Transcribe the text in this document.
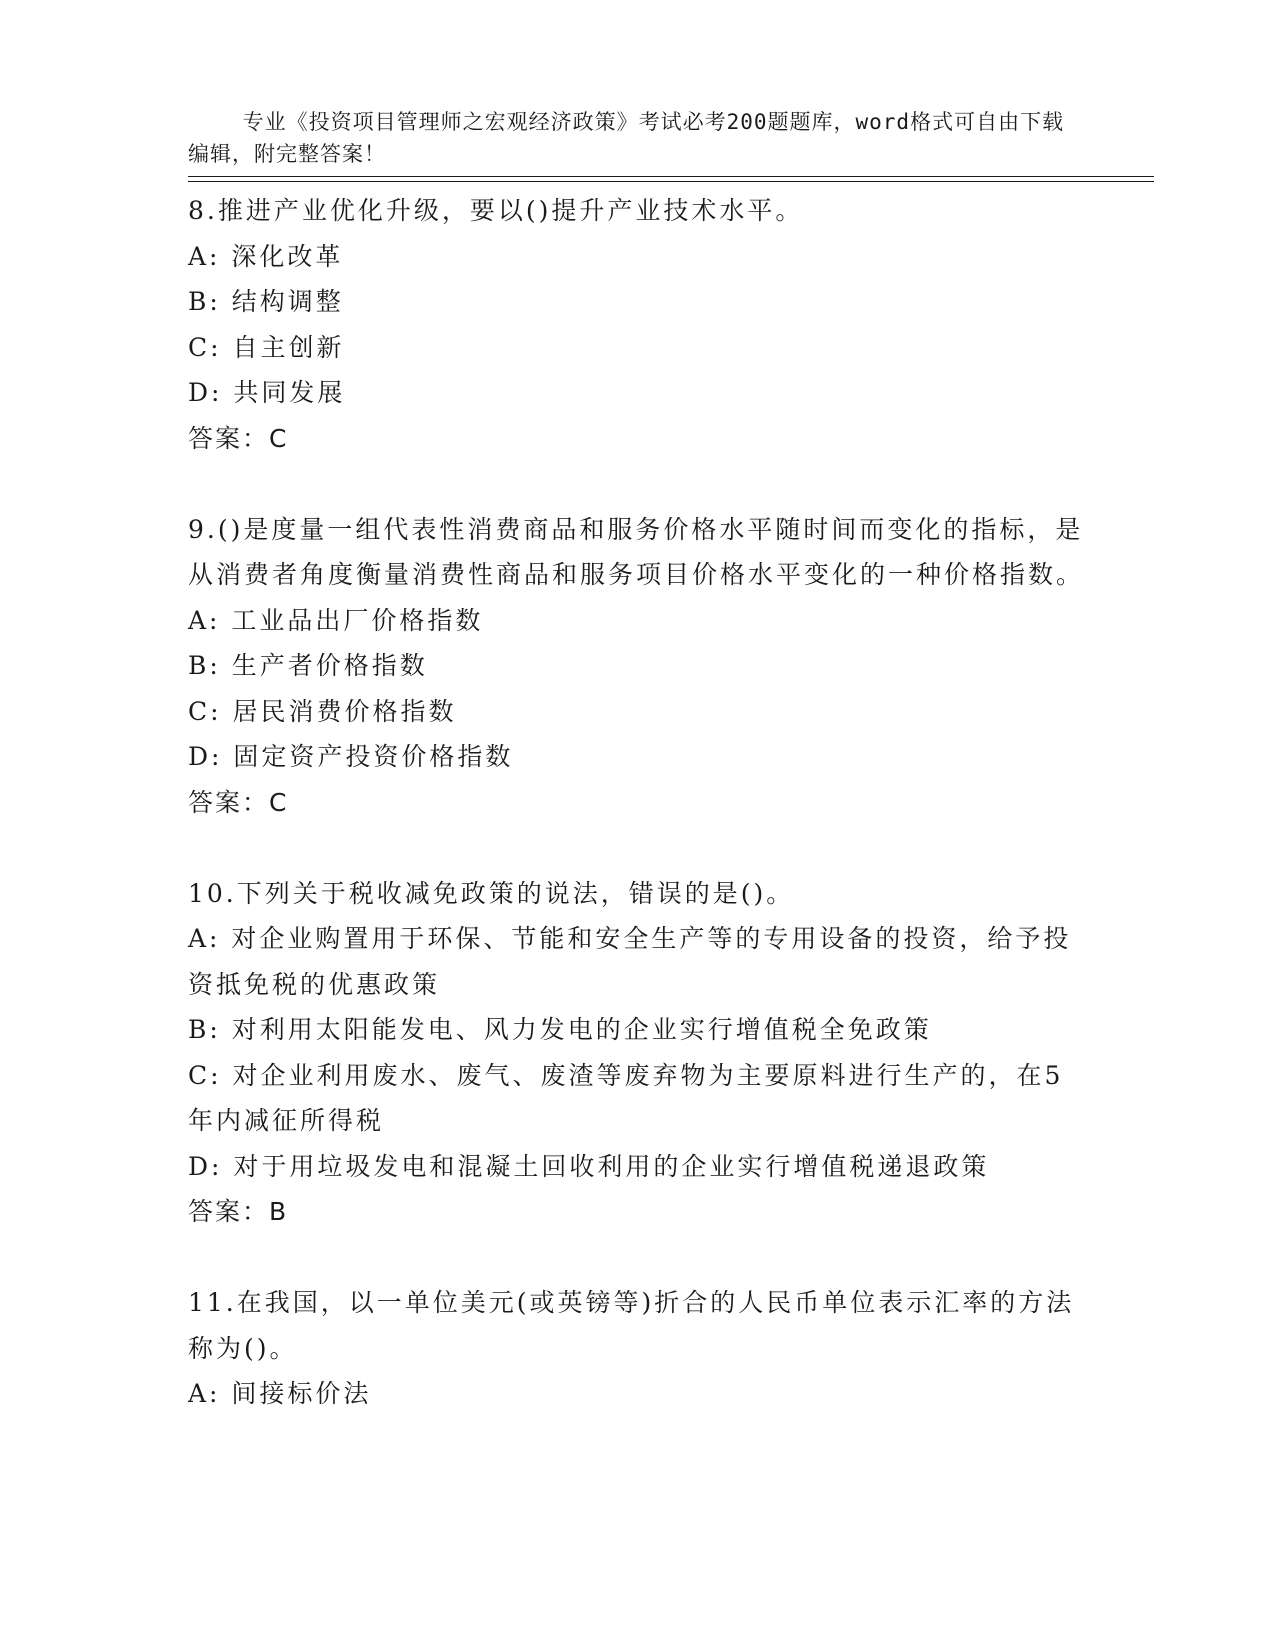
专业《投资项目管理师之宏观经济政策》考试必考200题题库，word格式可自由下载编辑，附完整答案！

8.推进产业优化升级，要以()提升产业技术水平。
A: 深化改革
B: 结构调整
C: 自主创新
D: 共同发展
答案：C
9.()是度量一组代表性消费商品和服务价格水平随时间而变化的指标，是从消费者角度衡量消费性商品和服务项目价格水平变化的一种价格指数。
A: 工业品出厂价格指数
B: 生产者价格指数
C: 居民消费价格指数
D: 固定资产投资价格指数
答案：C
10.下列关于税收减免政策的说法，错误的是()。
A: 对企业购置用于环保、节能和安全生产等的专用设备的投资，给予投资抵免税的优惠政策
B: 对利用太阳能发电、风力发电的企业实行增值税全免政策
C: 对企业利用废水、废气、废渣等废弃物为主要原料进行生产的，在5年内减征所得税
D: 对于用垃圾发电和混凝土回收利用的企业实行增值税递退政策
答案：B
11.在我国，以一单位美元(或英镑等)折合的人民币单位表示汇率的方法称为()。
A: 间接标价法
